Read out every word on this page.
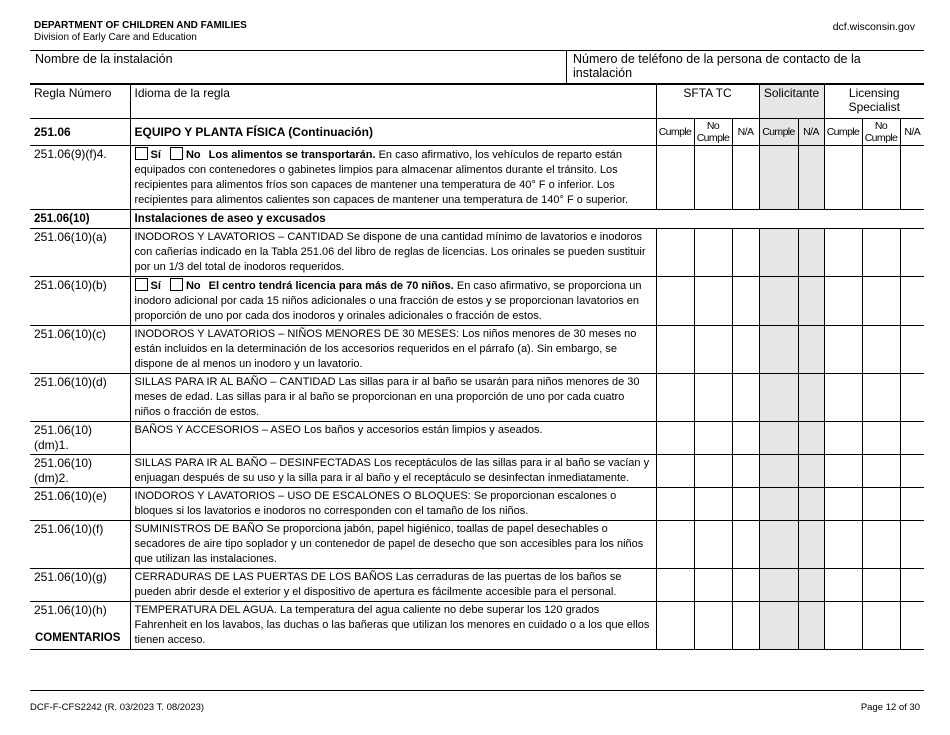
DEPARTMENT OF CHILDREN AND FAMILIES
Division of Early Care and Education
dcf.wisconsin.gov
Nombre de la instalación	Número de teléfono de la persona de contacto de la instalación
Regla Número	Idioma de la regla	SFTA TC			Solicitante		Licensing Specialist		
251.06	EQUIPO Y PLANTA FÍSICA (Continuación)	Cumple	No Cumple	N/A	Cumple	N/A	Cumple	No Cumple	N/A
251.06(9)(f)4.	Sí No Los alimentos se transportarán. En caso afirmativo, los vehículos de reparto están equipados con contenedores o gabinetes limpios para almacenar alimentos durante el tránsito. Los recipientes para alimentos fríos son capaces de mantener una temperatura de 40° F o inferior. Los recipientes para alimentos calientes son capaces de mantener una temperatura de 140° F o superior.								
251.06(10)	Instalaciones de aseo y excusados								
251.06(10)(a)	INODOROS Y LAVATORIOS – CANTIDAD Se dispone de una cantidad mínimo de lavatorios e inodoros con cañerías indicado en la Tabla 251.06 del libro de reglas de licencias. Los orinales se pueden sustituir por un 1/3 del total de inodoros requeridos.								
251.06(10)(b)	Sí No El centro tendrá licencia para más de 70 niños. En caso afirmativo, se proporciona un inodoro adicional por cada 15 niños adicionales o una fracción de estos y se proporcionan lavatorios en proporción de uno por cada dos inodoros y orinales adicionales o fracción de estos.								
251.06(10)(c)	INODOROS Y LAVATORIOS – NIÑOS MENORES DE 30 MESES: Los niños menores de 30 meses no están incluidos en la determinación de los accesorios requeridos en el párrafo (a). Sin embargo, se dispone de al menos un inodoro y un lavatorio.								
251.06(10)(d)	SILLAS PARA IR AL BAÑO – CANTIDAD Las sillas para ir al baño se usarán para niños menores de 30 meses de edad. Las sillas para ir al baño se proporcionan en una proporción de uno por cada cuatro niños o fracción de estos.								
251.06(10)(dm)1.	BAÑOS Y ACCESORIOS – ASEO Los baños y accesorios están limpios y aseados.								
251.06(10)(dm)2.	SILLAS PARA IR AL BAÑO – DESINFECTADAS Los receptáculos de las sillas para ir al baño se vacían y enjuagan después de su uso y la silla para ir al baño y el receptáculo se desinfectan inmediatamente.								
251.06(10)(e)	INODOROS Y LAVATORIOS – USO DE ESCALONES O BLOQUES: Se proporcionan escalones o bloques si los lavatorios e inodoros no corresponden con el tamaño de los niños.								
251.06(10)(f)	SUMINISTROS DE BAÑO Se proporciona jabón, papel higiénico, toallas de papel desechables o secadores de aire tipo soplador y un contenedor de papel de desecho que son accesibles para los niños que utilizan las instalaciones.								
251.06(10)(g)	CERRADURAS DE LAS PUERTAS DE LOS BAÑOS Las cerraduras de las puertas de los baños se pueden abrir desde el exterior y el dispositivo de apertura es fácilmente accesible para el personal.								
251.06(10)(h)	TEMPERATURA DEL AGUA. La temperatura del agua caliente no debe superar los 120 grados Fahrenheit en los lavabos, las duchas o las bañeras que utilizan los menores en cuidado o a los que ellos tienen acceso.								
COMENTARIOS
DCF-F-CFS2242 (R. 03/2023 T. 08/2023)	Page 12 of 30
